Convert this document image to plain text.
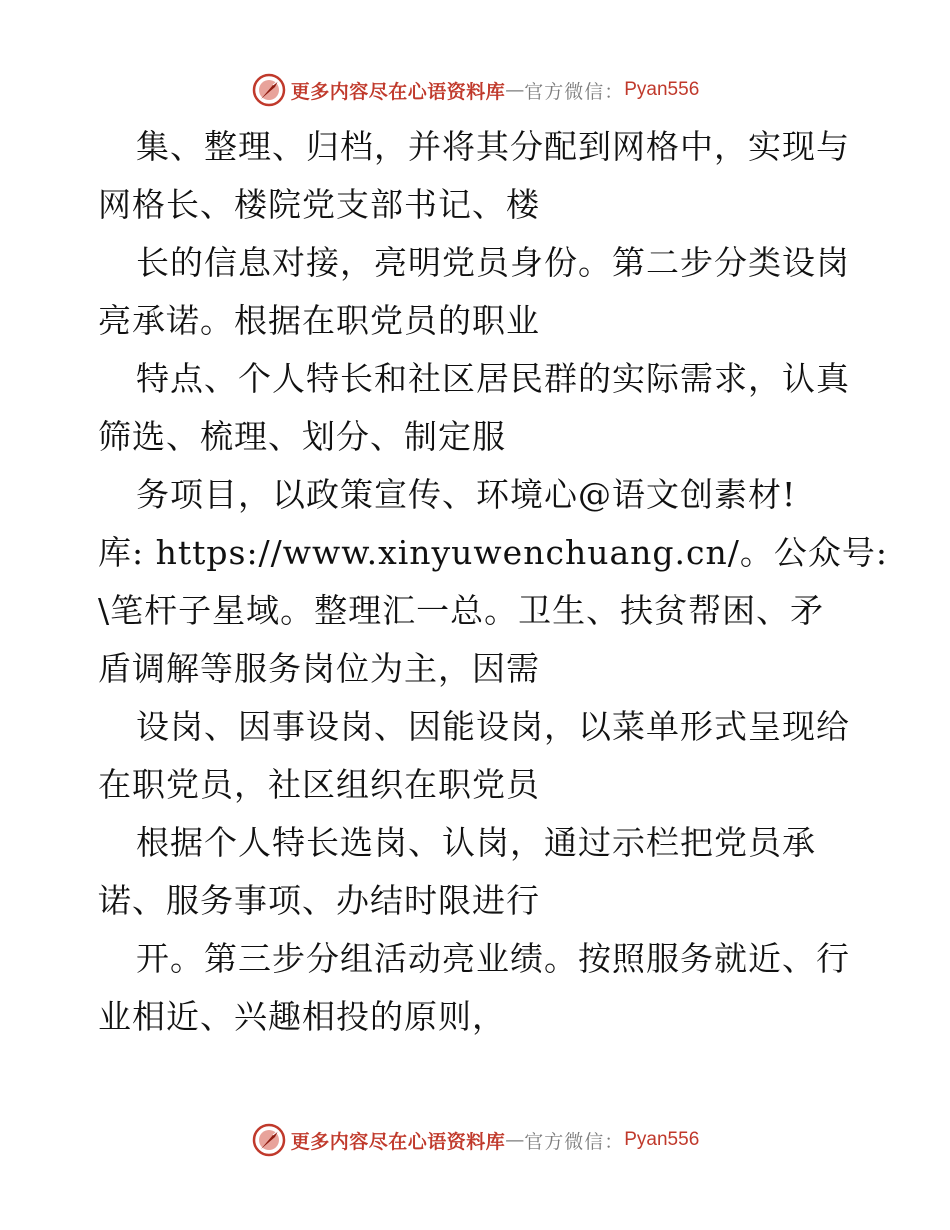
更多内容尽在心语资料库 — 官方微信： Pyan556
集、整理、归档，并将其分配到网格中，实现与
网格长、楼院党支部书记、楼
长的信息对接，亮明党员身份。第二步分类设岗
亮承诺。根据在职党员的职业
特点、个人特长和社区居民群的实际需求，认真
筛选、梳理、划分、制定服
务项目，以政策宣传、环境心@语文创素材!
库: https://www.xinyuwenchuang.cn/。公众号:
\笔杆子星域。整理汇一总。卫生、扶贫帮困、矛
盾调解等服务岗位为主，因需
设岗、因事设岗、因能设岗，以菜单形式呈现给
在职党员，社区组织在职党员
根据个人特长选岗、认岗，通过示栏把党员承
诺、服务事项、办结时限进行
开。第三步分组活动亮业绩。按照服务就近、行
业相近、兴趣相投的原则，
更多内容尽在心语资料库 — 官方微信： Pyan556
